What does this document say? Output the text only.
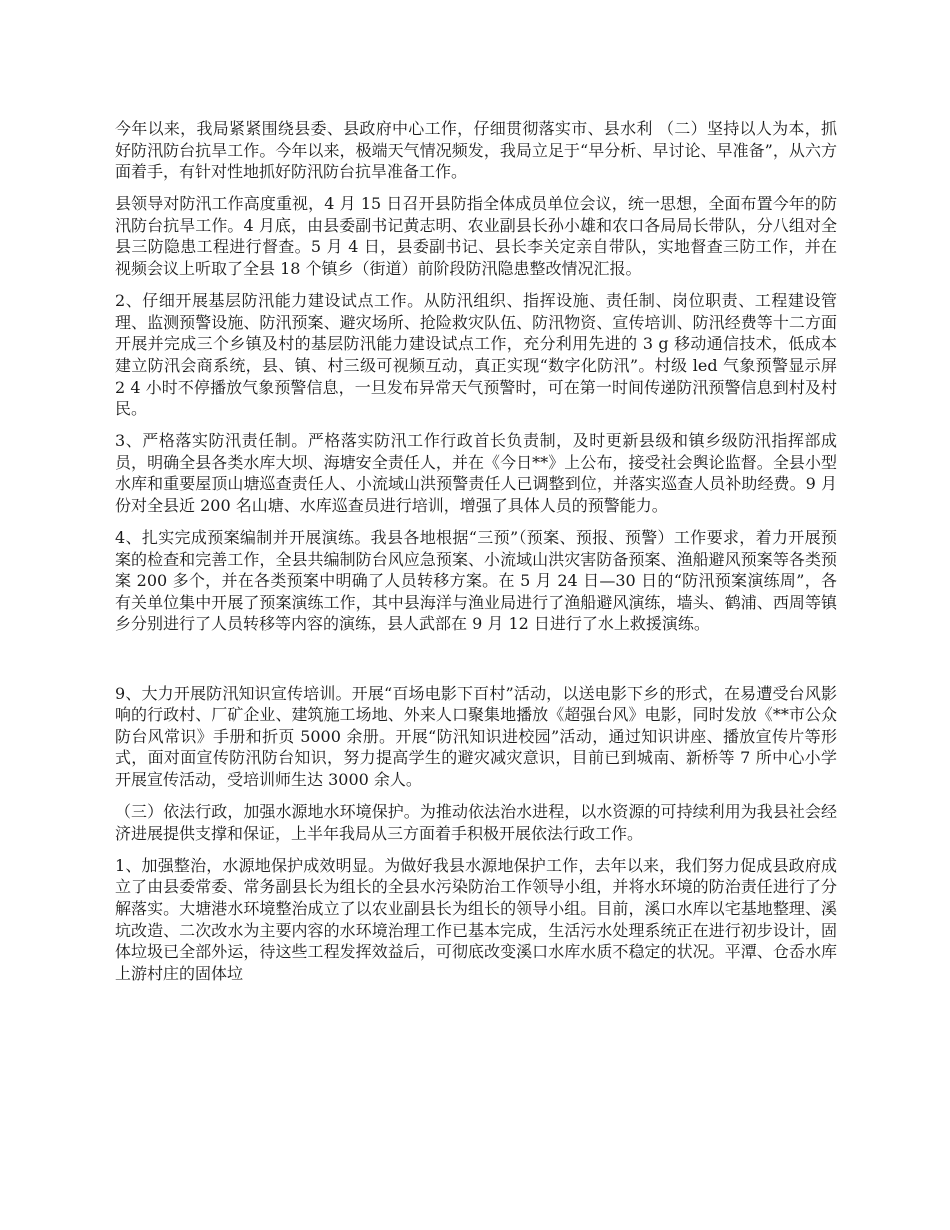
今年以来，我局紧紧围绕县委、县政府中心工作，仔细贯彻落实市、县水利 （二）坚持以人为本，抓好防汛防台抗旱工作。今年以来，极端天气情况频发，我局立足于“早分析、早讨论、早准备”，从六方面着手，有针对性地抓好防汛防台抗旱准备工作。

县领导对防汛工作高度重视，4 月 15 日召开县防指全体成员单位会议，统一思想，全面布置今年的防汛防台抗旱工作。4 月底，由县委副书记黄志明、农业副县长孙小雄和农口各局局长带队，分八组对全县三防隐患工程进行督查。5 月 4 日，县委副书记、县长李关定亲自带队，实地督查三防工作，并在视频会议上听取了全县 18 个镇乡（街道）前阶段防汛隐患整改情况汇报。

2、仔细开展基层防汛能力建设试点工作。从防汛组织、指挥设施、责任制、岗位职责、工程建设管理、监测预警设施、防汛预案、避灾场所、抢险救灾队伍、防汛物资、宣传培训、防汛经费等十二方面开展并完成三个乡镇及村的基层防汛能力建设试点工作，充分利用先进的 3 g 移动通信技术，低成本建立防汛会商系统，县、镇、村三级可视频互动，真正实现“数字化防汛”。村级 led 气象预警显示屏 2 4 小时不停播放气象预警信息，一旦发布异常天气预警时，可在第一时间传递防汛预警信息到村及村民。

3、严格落实防汛责任制。严格落实防汛工作行政首长负责制，及时更新县级和镇乡级防汛指挥部成员，明确全县各类水库大坝、海塘安全责任人，并在《今日**》上公布，接受社会舆论监督。全县小型水库和重要屋顶山塘巡查责任人、小流域山洪预警责任人已调整到位，并落实巡查人员补助经费。9 月份对全县近 200 名山塘、水库巡查员进行培训，增强了具体人员的预警能力。

4、扎实完成预案编制并开展演练。我县各地根据“三预”（预案、预报、预警）工作要求，着力开展预案的检查和完善工作，全县共编制防台风应急预案、小流域山洪灾害防备预案、渔船避风预案等各类预案 200 多个，并在各类预案中明确了人员转移方案。在 5 月 24 日—30 日的“防汛预案演练周”，各有关单位集中开展了预案演练工作，其中县海洋与渔业局进行了渔船避风演练，墙头、鹤浦、西周等镇乡分别进行了人员转移等内容的演练，县人武部在 9 月 12 日进行了水上救援演练。

9、大力开展防汛知识宣传培训。开展“百场电影下百村”活动，以送电影下乡的形式，在易遭受台风影响的行政村、厂矿企业、建筑施工场地、外来人口聚集地播放《超强台风》电影，同时发放《**市公众防台风常识》手册和折页 5000 余册。开展“防汛知识进校园”活动，通过知识讲座、播放宣传片等形式，面对面宣传防汛防台知识，努力提高学生的避灾减灾意识，目前已到城南、新桥等 7 所中心小学开展宣传活动，受培训师生达 3000 余人。

（三）依法行政，加强水源地水环境保护。为推动依法治水进程，以水资源的可持续利用为我县社会经济进展提供支撑和保证，上半年我局从三方面着手积极开展依法行政工作。

1、加强整治，水源地保护成效明显。为做好我县水源地保护工作，去年以来，我们努力促成县政府成立了由县委常委、常务副县长为组长的全县水污染防治工作领导小组，并将水环境的防治责任进行了分解落实。大塘港水环境整治成立了以农业副县长为组长的领导小组。目前，溪口水库以宅基地整理、溪坑改造、二次改水为主要内容的水环境治理工作已基本完成，生活污水处理系统正在进行初步设计，固体垃圾已全部外运，待这些工程发挥效益后，可彻底改变溪口水库水质不稳定的状况。平潭、仓岙水库上游村庄的固体垃
